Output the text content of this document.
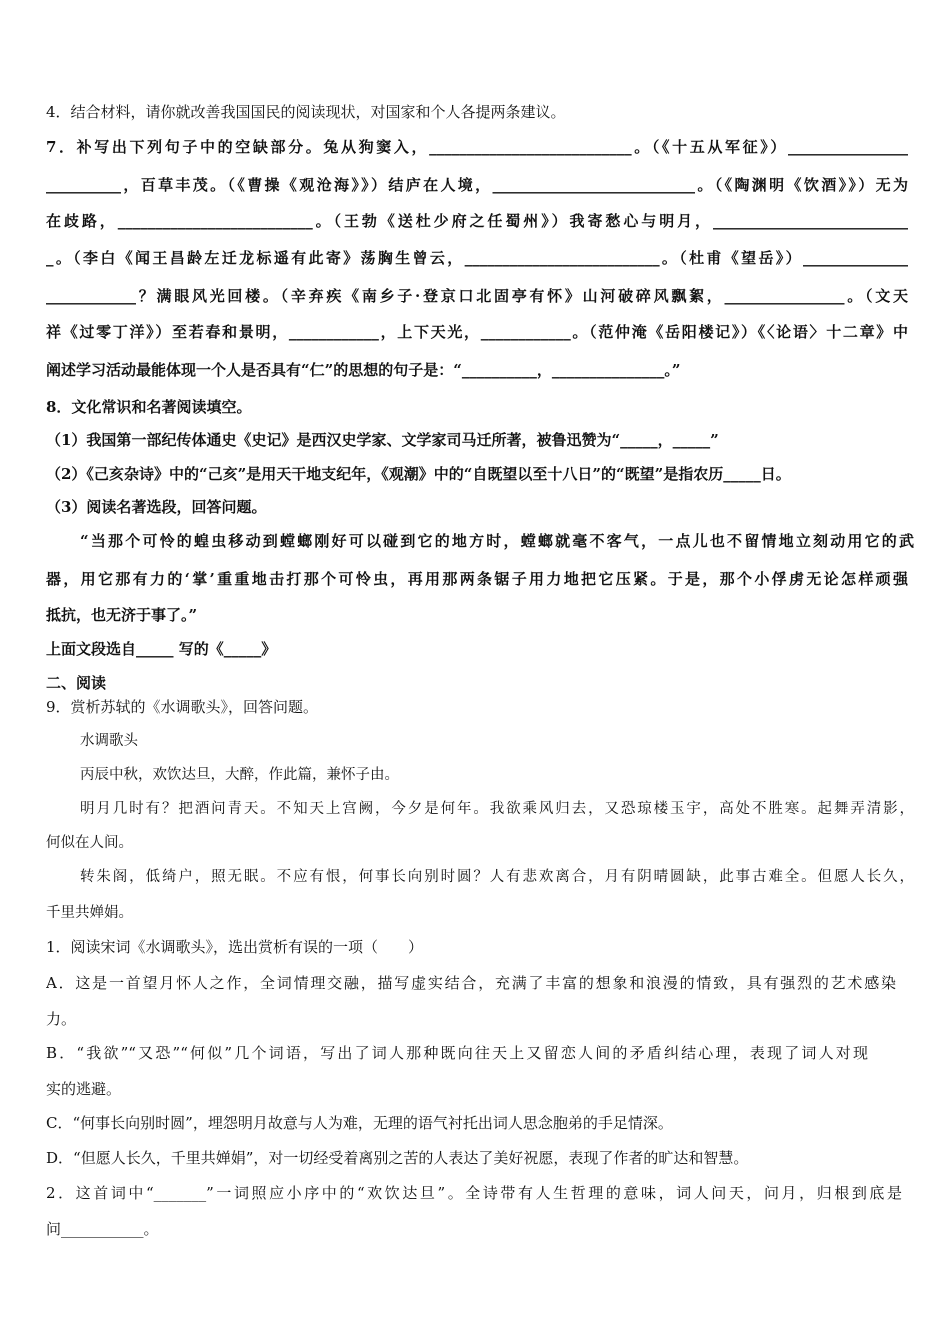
4．结合材料，请你就改善我国国民的阅读现状，对国家和个人各提两条建议。
7．补写出下列句子中的空缺部分。兔从狗窦入，___________________________。（《十五从军征》）________________
__________，百草丰茂。（《曹操《观沧海》》）结庐在人境，___________________________。（《陶渊明《饮酒》》）无为
在歧路，__________________________。（王勃《送杜少府之任蜀州》）我寄愁心与明月，__________________________
_。（李白《闻王昌龄左迁龙标遥有此寄》荡胸生曾云，__________________________。（杜甫《望岳》）______________
____________？满眼风光回楼。（辛弃疾《南乡子·登京口北固亭有怀》山河破碎风飘絮，________________。（文天
祥《过零丁洋》）至若春和景明，____________，上下天光，____________。（范仲淹《岳阳楼记》）《〈论语〉十二章》中
阐述学习活动最能体现一个人是否具有“仁”的思想的句子是：“__________，_______________。”
8．文化常识和名著阅读填空。
（1）我国第一部纪传体通史《史记》是西汉史学家、文学家司马迁所著，被鲁迅赞为“_____，_____”
（2）《己亥杂诗》中的“己亥”是用天干地支纪年，《观潮》中的“自既望以至十八日”的“既望”是指农历_____日。
（3）阅读名著选段，回答问题。
“当那个可怜的蝗虫移动到螳螂刚好可以碰到它的地方时，螳螂就毫不客气，一点儿也不留情地立刻动用它的武
器，用它那有力的‘掌’重重地击打那个可怜虫，再用那两条锯子用力地把它压紧。于是，那个小俘虏无论怎样顽强
抵抗，也无济于事了。”
上面文段选自_____ 写的《_____》
二、阅读
9．赏析苏轼的《水调歌头》，回答问题。
水调歌头
丙辰中秋，欢饮达旦，大醉，作此篇，兼怀子由。
明月几时有？把酒问青天。不知天上宫阙，今夕是何年。我欲乘风归去，又恐琼楼玉宇，高处不胜寒。起舞弄清影，
何似在人间。
转朱阁，低绮户，照无眠。不应有恨，何事长向别时圆？人有悲欢离合，月有阴晴圆缺，此事古难全。但愿人长久，
千里共婵娟。
1．阅读宋词《水调歌头》，选出赏析有误的一项（　　）
A．这是一首望月怀人之作，全词情理交融，描写虚实结合，充满了丰富的想象和浪漫的情致，具有强烈的艺术感染
力。
B．“我欲”“又恐”“何似”几个词语，写出了词人那种既向往天上又留恋人间的矛盾纠结心理，表现了词人对现
实的逃避。
C．“何事长向别时圆”，埋怨明月故意与人为难，无理的语气衬托出词人思念胞弟的手足情深。
D．“但愿人长久，千里共婵娟”，对一切经受着离别之苦的人表达了美好祝愿，表现了作者的旷达和智慧。
2．这首词中“_______”一词照应小序中的“欢饮达旦”。全诗带有人生哲理的意味，词人问天，问月，归根到底是
问___________。
